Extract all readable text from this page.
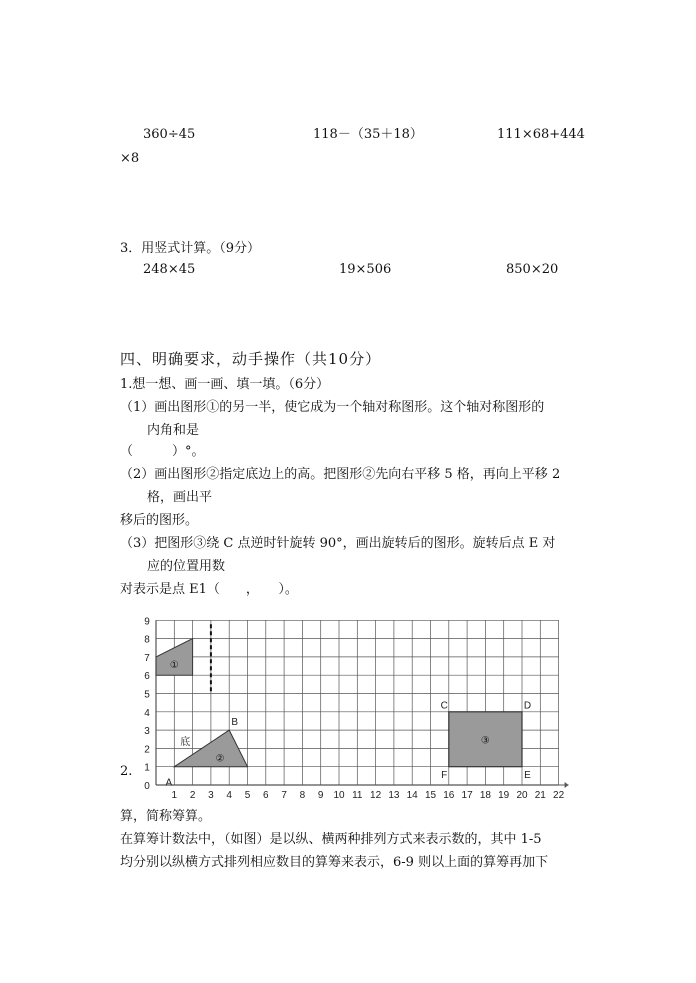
360÷45	118－（35＋18）	111×68+444
×8
3．用竖式计算。（9分）
248×45	19×506	850×20
四、明确要求，动手操作（共10分）
1.想一想、画一画、填一填。（6分）
（1）画出图形①的另一半，使它成为一个轴对称图形。这个轴对称图形的
内角和是
（　　　）°。
（2）画出图形②指定底边上的高。把图形②先向右平移 5 格，再向上平移 2
格，画出平
移后的图形。
（3）把图形③绕 C 点逆时针旋转 90°，画出旋转后的图形。旋转后点 E 对
应的位置用数
对表示是点 E1（　　，　　）。
2.
1 2 3 4 5 6 7 8 9 10 11 12 13 14 15 16 17 18 19 20 21 22
0
1
2
3
4
5
6
7
8
9
A
B
底
C	D
E
F
①
②
③
算，简称筹算。
在算筹计数法中，（如图）是以纵、横两种排列方式来表示数的，其中 1-5
均分别以纵横方式排列相应数目的算筹来表示，6-9 则以上面的算筹再加下
